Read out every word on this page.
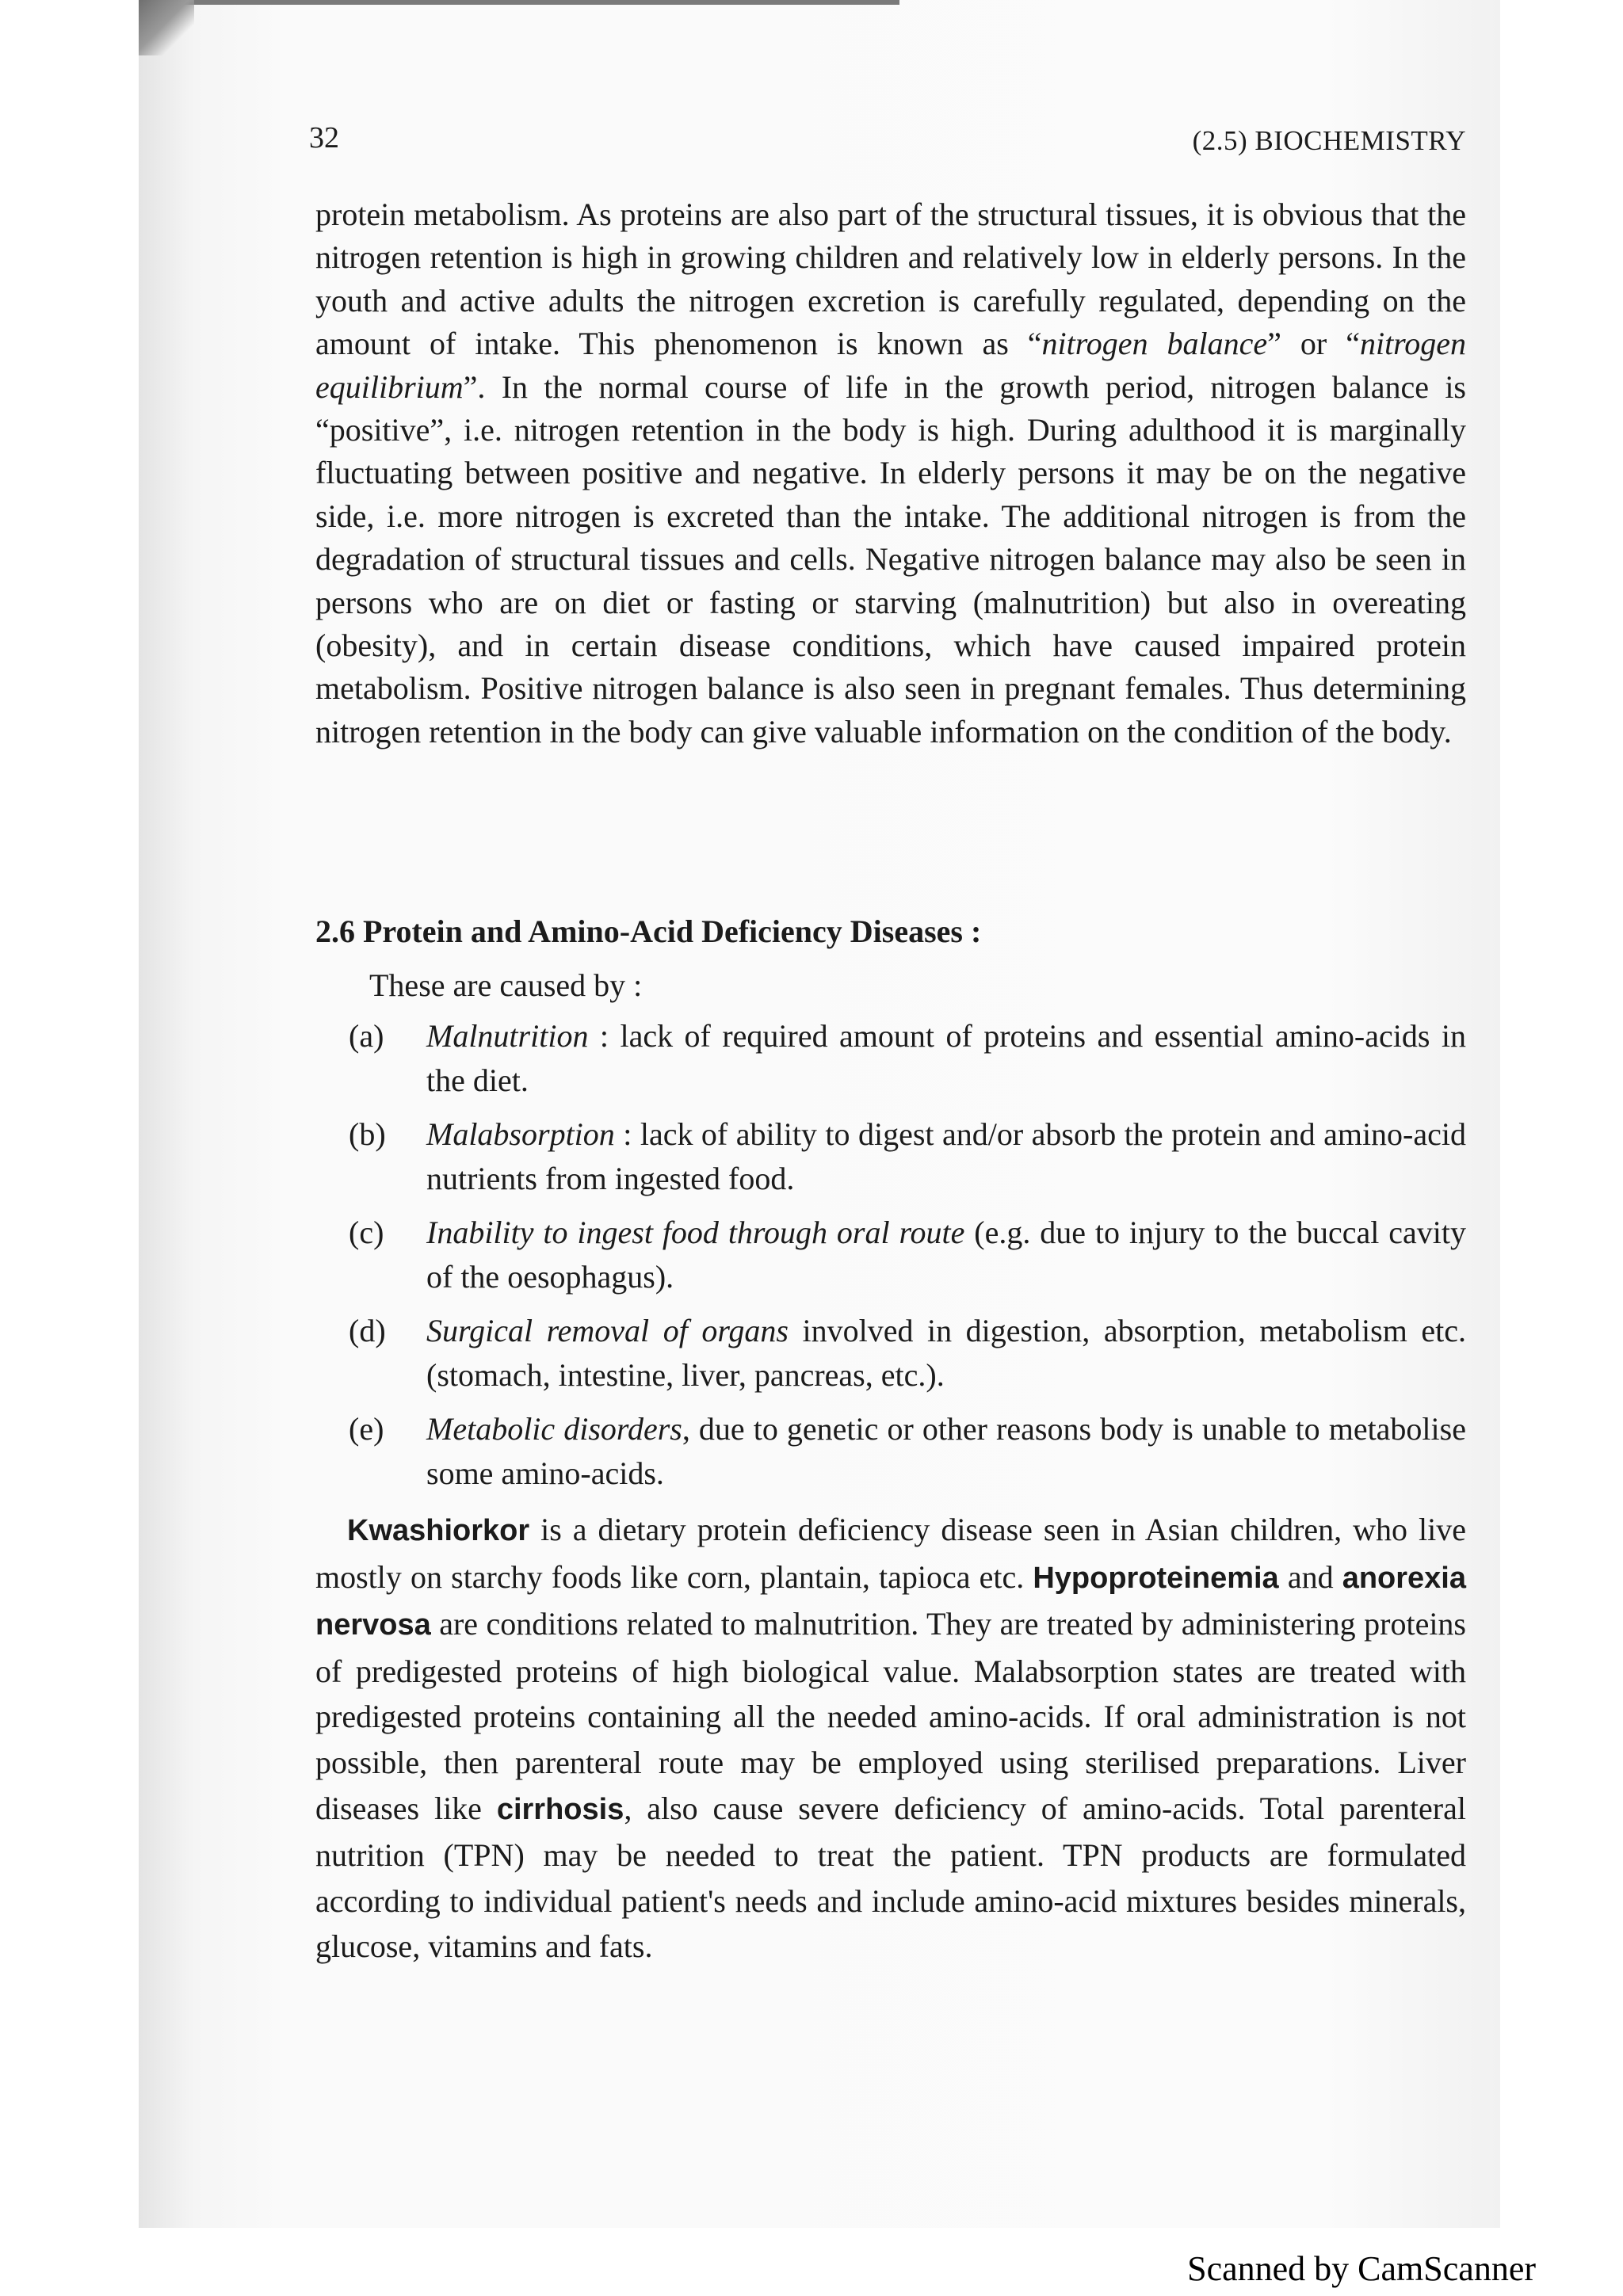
32	(2.5) BIOCHEMISTRY

protein metabolism. As proteins are also part of the structural tissues, it is obvious that the nitrogen retention is high in growing children and relatively low in elderly persons. In the youth and active adults the nitrogen excretion is carefully regulated, depending on the amount of intake. This phenomenon is known as “nitrogen balance” or “nitrogen equilibrium”. In the normal course of life in the growth period, nitrogen balance is “positive”, i.e. nitrogen retention in the body is high. During adulthood it is marginally fluctuating between positive and negative. In elderly persons it may be on the negative side, i.e. more nitrogen is excreted than the intake. The additional nitrogen is from the degradation of structural tissues and cells. Negative nitrogen balance may also be seen in persons who are on diet or fasting or starving (malnutrition) but also in overeating (obesity), and in certain disease conditions, which have caused impaired protein metabolism. Positive nitrogen balance is also seen in pregnant females. Thus determining nitrogen retention in the body can give valuable information on the condition of the body.

2.6 Protein and Amino-Acid Deficiency Diseases :
These are caused by :
(a)	Malnutrition : lack of required amount of proteins and essential amino-acids in the diet.
(b)	Malabsorption : lack of ability to digest and/or absorb the protein and amino-acid nutrients from ingested food.
(c)	Inability to ingest food through oral route (e.g. due to injury to the buccal cavity of the oesophagus).
(d)	Surgical removal of organs involved in digestion, absorption, metabolism etc. (stomach, intestine, liver, pancreas, etc.).
(e)	Metabolic disorders, due to genetic or other reasons body is unable to metabolise some amino-acids.

Kwashiorkor is a dietary protein deficiency disease seen in Asian children, who live mostly on starchy foods like corn, plantain, tapioca etc. Hypoproteinemia and anorexia nervosa are conditions related to malnutrition. They are treated by administering proteins of predigested proteins of high biological value. Malabsorption states are treated with predigested proteins containing all the needed amino-acids. If oral administration is not possible, then parenteral route may be employed using sterilised preparations. Liver diseases like cirrhosis, also cause severe deficiency of amino-acids. Total parenteral nutrition (TPN) may be needed to treat the patient. TPN products are formulated according to individual patient's needs and include amino-acid mixtures besides minerals, glucose, vitamins and fats.

Scanned by CamScanner
